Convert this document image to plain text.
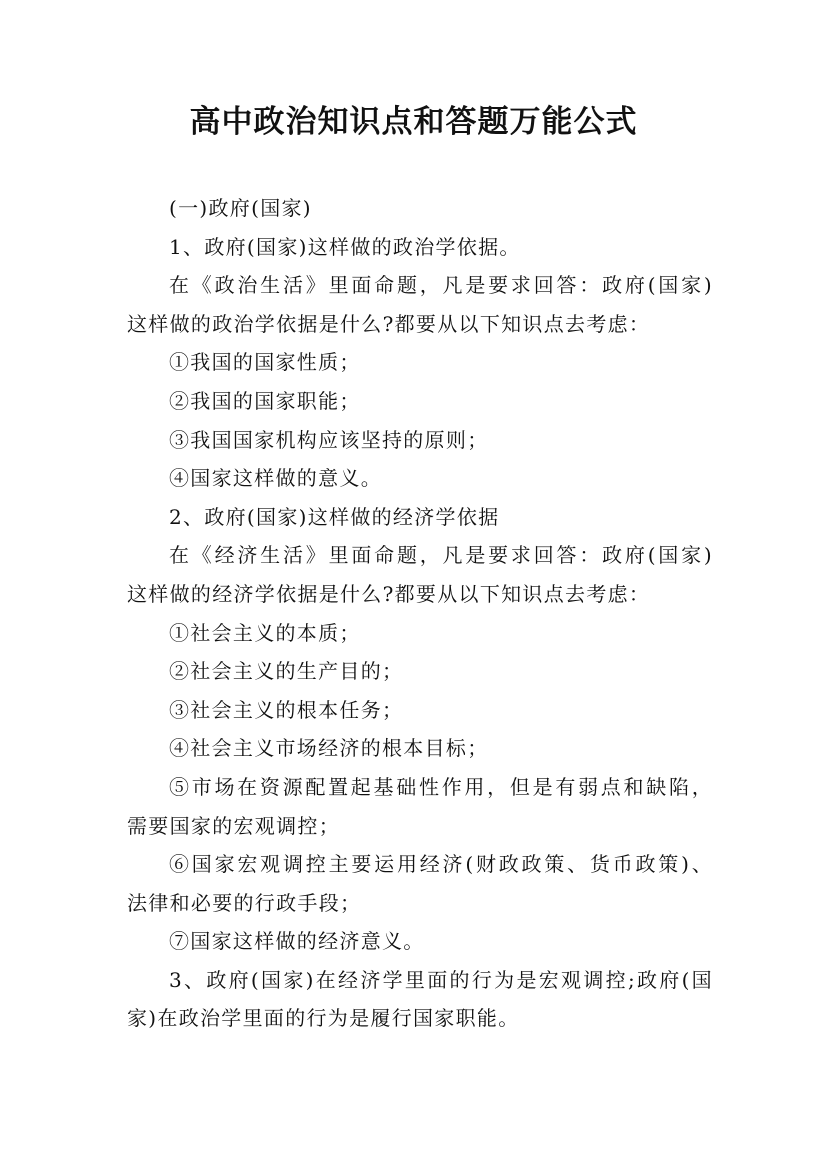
高中政治知识点和答题万能公式

(一)政府(国家)

1、政府(国家)这样做的政治学依据。

在《政治生活》里面命题，凡是要求回答：政府(国家)

这样做的政治学依据是什么?都要从以下知识点去考虑：

①我国的国家性质；

②我国的国家职能；

③我国国家机构应该坚持的原则；

④国家这样做的意义。

2、政府(国家)这样做的经济学依据

在《经济生活》里面命题，凡是要求回答：政府(国家)

这样做的经济学依据是什么?都要从以下知识点去考虑：

①社会主义的本质；

②社会主义的生产目的；

③社会主义的根本任务；

④社会主义市场经济的根本目标；

⑤市场在资源配置起基础性作用，但是有弱点和缺陷，

需要国家的宏观调控；

⑥国家宏观调控主要运用经济(财政政策、货币政策)、

法律和必要的行政手段；

⑦国家这样做的经济意义。

3、政府(国家)在经济学里面的行为是宏观调控;政府(国

家)在政治学里面的行为是履行国家职能。
